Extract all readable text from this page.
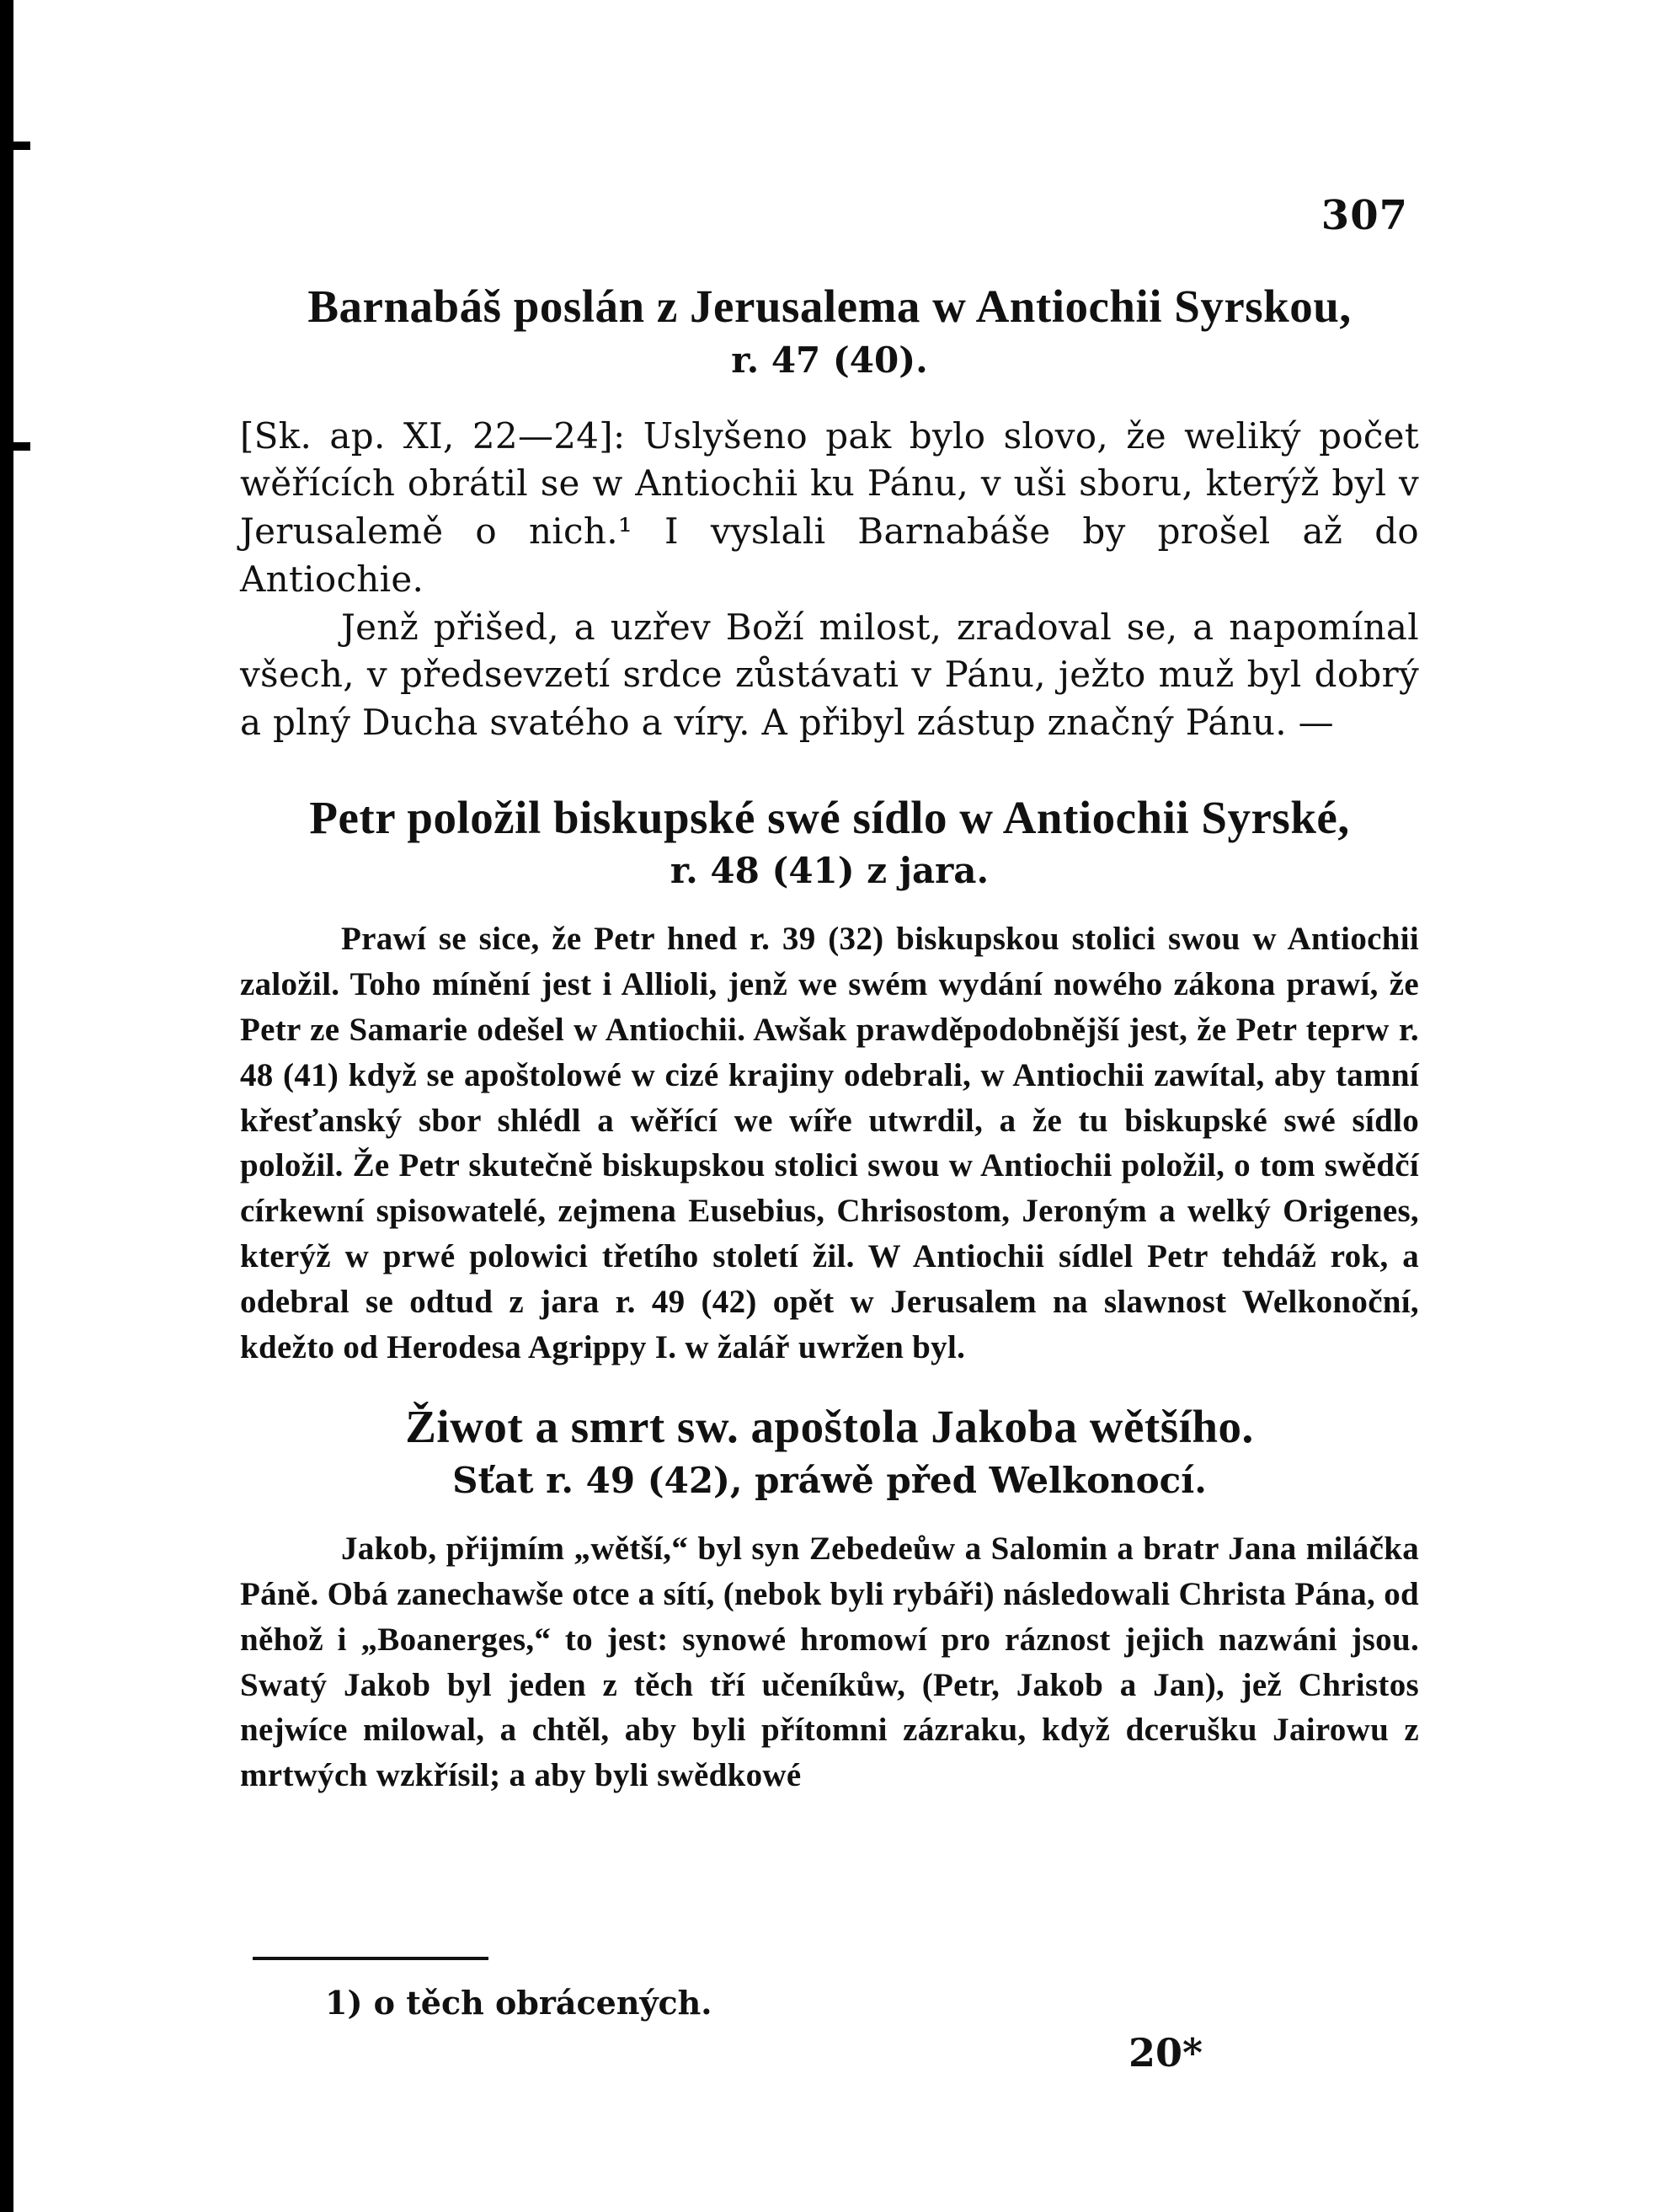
307
Barnabáš poslán z Jerusalema w Antiochii Syrskou,

r. 47 (40).

[Sk. ap. XI, 22—24]: Uslyšeno pak bylo slovo, že weliký počet wěřících obrátil se w Antiochii ku Pánu, v uši sboru, kterýž byl v Jerusalemě o nich.¹ I vyslali Barnabáše by prošel až do Antiochie.

Jenž přišed, a uzřev Boží milost, zradoval se, a napomínal všech, v předsevzetí srdce zůstávati v Pánu, ježto muž byl dobrý a plný Ducha svatého a víry. A přibyl zástup značný Pánu. —

Petr položil biskupské swé sídlo w Antiochii Syrské,

r. 48 (41) z jara.

Prawí se sice, že Petr hned r. 39 (32) biskupskou stolici swou w Antiochii založil. Toho mínění jest i Allioli, jenž we swém wydání nowého zákona prawí, že Petr ze Samarie odešel w Antiochii. Awšak prawděpodobnější jest, že Petr teprw r. 48 (41) když se apoštolowé w cizé krajiny odebrali, w Antiochii zawítal, aby tamní křesťanský sbor shlédl a wěřící we wíře utwrdil, a že tu biskupské swé sídlo položil. Že Petr skutečně biskupskou stolici swou w Antiochii položil, o tom swědčí církewní spisowatelé, zejmena Eusebius, Chrisostom, Jeroným a welký Origenes, kterýž w prwé polowici třetího století žil. W Antiochii sídlel Petr tehdáž rok, a odebral se odtud z jara r. 49 (42) opět w Jerusalem na slawnost Welkonoční, kdežto od Herodesa Agrippy I. w žalář uwržen byl.

Žiwot a smrt sw. apoštola Jakoba wětšího.

Sťat r. 49 (42), práwě před Welkonocí.

Jakob, přijmím „wětší,“ byl syn Zebedeůw a Salomin a bratr Jana miláčka Páně. Obá zanechawše otce a sítí, (nebok byli rybáři) následowali Christa Pána, od něhož i „Boanerges,“ to jest: synowé hromowí pro ráznost jejich nazwáni jsou. Swatý Jakob byl jeden z těch tří učeníkůw, (Petr, Jakob a Jan), jež Christos nejwíce milowal, a chtěl, aby byli přítomni zázraku, když dcerušku Jairowu z mrtwých wzkřísil; a aby byli swědkowé

1) o těch obrácených.
20*
